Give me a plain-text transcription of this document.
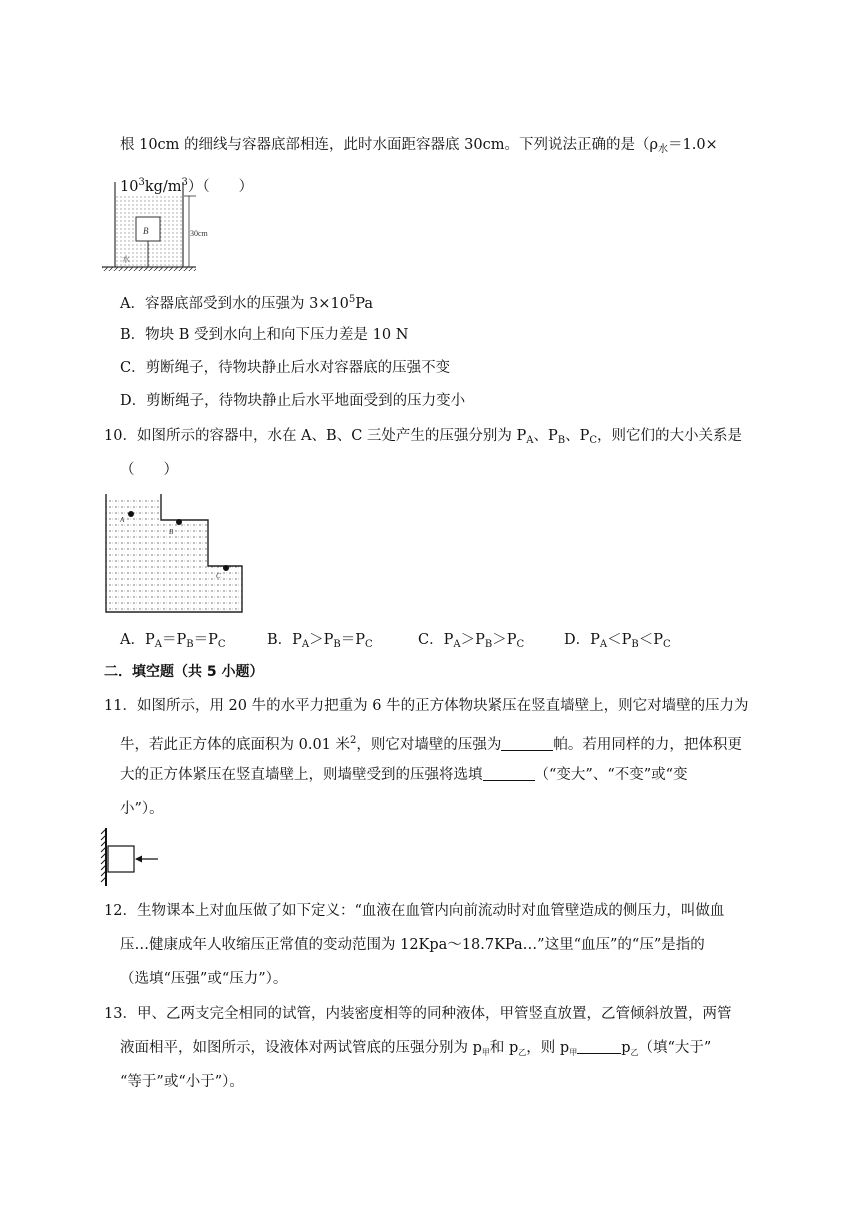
根 10cm 的细线与容器底部相连，此时水面距容器底 30cm。下列说法正确的是（$\rho_水=1.0\times$
$10^3kg/m^3$）（　　）
B	30cm
水
A．容器底部受到水的压强为 $3\times 10^5Pa$
B．物块 B 受到水向上和向下压力差是 10 N
C．剪断绳子，待物块静止后水对容器底的压强不变
D．剪断绳子，待物块静止后水平地面受到的压力变小
10．如图所示的容器中，水在 A、B、C 三处产生的压强分别为 $P_A$、$P_B$、$P_C$，则它们的大小关系是
（　　）
A
B
C
A．$P_A=P_B=P_C$	B．$P_A>P_B=P_C$	C．$P_A>P_B>P_C$	D．$P_A<P_B<P_C$
二．填空题（共 5 小题）
11．如图所示，用 20 牛的水平力把重为 6 牛的正方体物块紧压在竖直墙壁上，则它对墙壁的压力为
牛，若此正方体的底面积为 0.01 米$^2$，则它对墙壁的压强为	帕。若用同样的力，把体积更
大的正方体紧压在竖直墙壁上，则墙壁受到的压强将选填	（“变大”、“不变”或“变
小”）。
12．生物课本上对血压做了如下定义：“血液在血管内向前流动时对血管壁造成的侧压力，叫做血
压…健康成年人收缩压正常值的变动范围为 12Kpa～18.7KPa…”这里“血压”的“压”是指的
（选填“压强”或“压力”）。
13．甲、乙两支完全相同的试管，内装密度相等的同种液体，甲管竖直放置，乙管倾斜放置，两管
液面相平，如图所示，设液体对两试管底的压强分别为 $p_甲$和 $p_乙$，则 $p_甲$	$p_乙$（填“大于”
“等于”或“小于”）。
